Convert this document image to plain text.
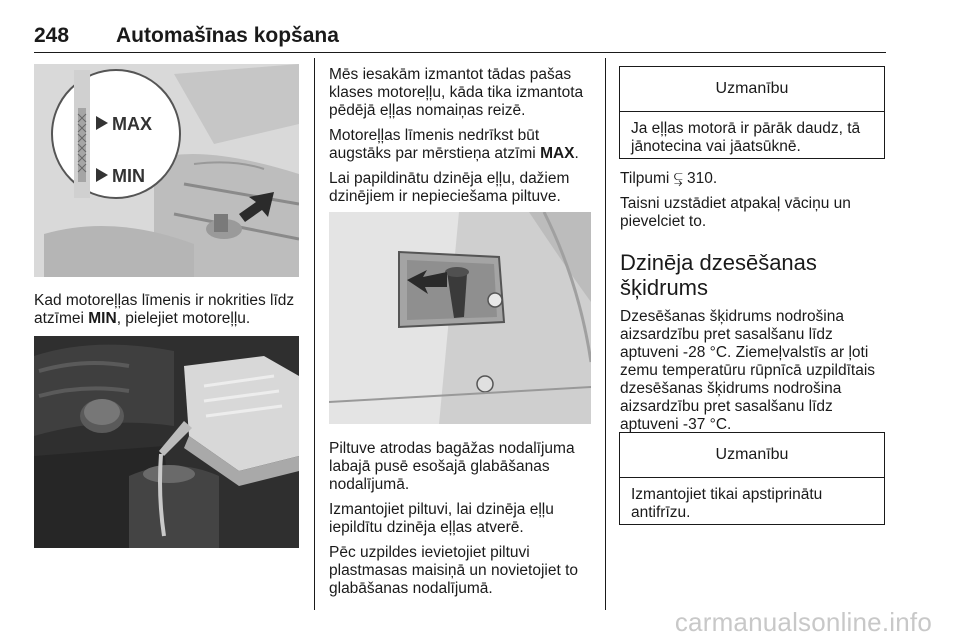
248 Automašīnas kopšana
MAX
MIN

Kad motoreļļas līmenis ir nokrities līdz atzīmei MIN, pielejiet motoreļļu.

Mēs iesakām izmantot tādas pašas klases motoreļļu, kāda tika izmantota pēdējā eļļas nomaiņas reizē.

Motoreļļas līmenis nedrīkst būt augstāks par mērstieņa atzīmi MAX.

Lai papildinātu dzinēja eļļu, dažiem dzinējiem ir nepieciešama piltuve.

Piltuve atrodas bagāžas nodalījuma labajā pusē esošajā glabāšanas nodalījumā.

Izmantojiet piltuvi, lai dzinēja eļļu iepildītu dzinēja eļļas atverē.

Pēc uzpildes ievietojiet piltuvi plastmasas maisiņā un novietojiet to glabāšanas nodalījumā.

Uzmanību
Ja eļļas motorā ir pārāk daudz, tā jānotecina vai jāatsūknē.

Tilpumi ⥹ 310.

Taisni uzstādiet atpakaļ vāciņu un pievelciet to.

Dzinēja dzesēšanas šķidrums

Dzesēšanas šķidrums nodrošina aizsardzību pret sasalšanu līdz aptuveni -28 °C. Ziemeļvalstīs ar ļoti zemu temperatūru rūpnīcā uzpildītais dzesēšanas šķidrums nodrošina aizsardzību pret sasalšanu līdz aptuveni -37 °C.

Uzmanību
Izmantojiet tikai apstiprinātu antifrīzu.
carmanualsonline.info
